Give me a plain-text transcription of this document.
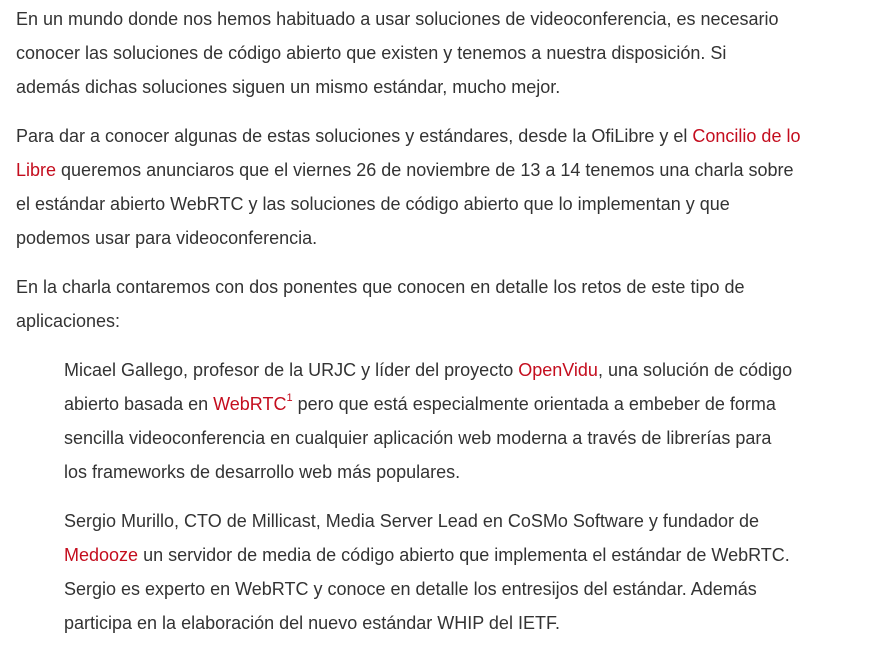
En un mundo donde nos hemos habituado a usar soluciones de videoconferencia, es necesario
conocer las soluciones de código abierto que existen y tenemos a nuestra disposición. Si
además dichas soluciones siguen un mismo estándar, mucho mejor.

Para dar a conocer algunas de estas soluciones y estándares, desde la OfiLibre y el Concilio de lo
Libre queremos anunciaros que el viernes 26 de noviembre de 13 a 14 tenemos una charla sobre
el estándar abierto WebRTC y las soluciones de código abierto que lo implementan y que
podemos usar para videoconferencia.

En la charla contaremos con dos ponentes que conocen en detalle los retos de este tipo de
aplicaciones:

Micael Gallego, profesor de la URJC y líder del proyecto OpenVidu, una solución de código
abierto basada en WebRTC$^1$ pero que está especialmente orientada a embeber de forma
sencilla videoconferencia en cualquier aplicación web moderna a través de librerías para
los frameworks de desarrollo web más populares.

Sergio Murillo, CTO de Millicast, Media Server Lead en CoSMo Software y fundador de
Medooze un servidor de media de código abierto que implementa el estándar de WebRTC.
Sergio es experto en WebRTC y conoce en detalle los entresijos del estándar. Además
participa en la elaboración del nuevo estándar WHIP del IETF.
